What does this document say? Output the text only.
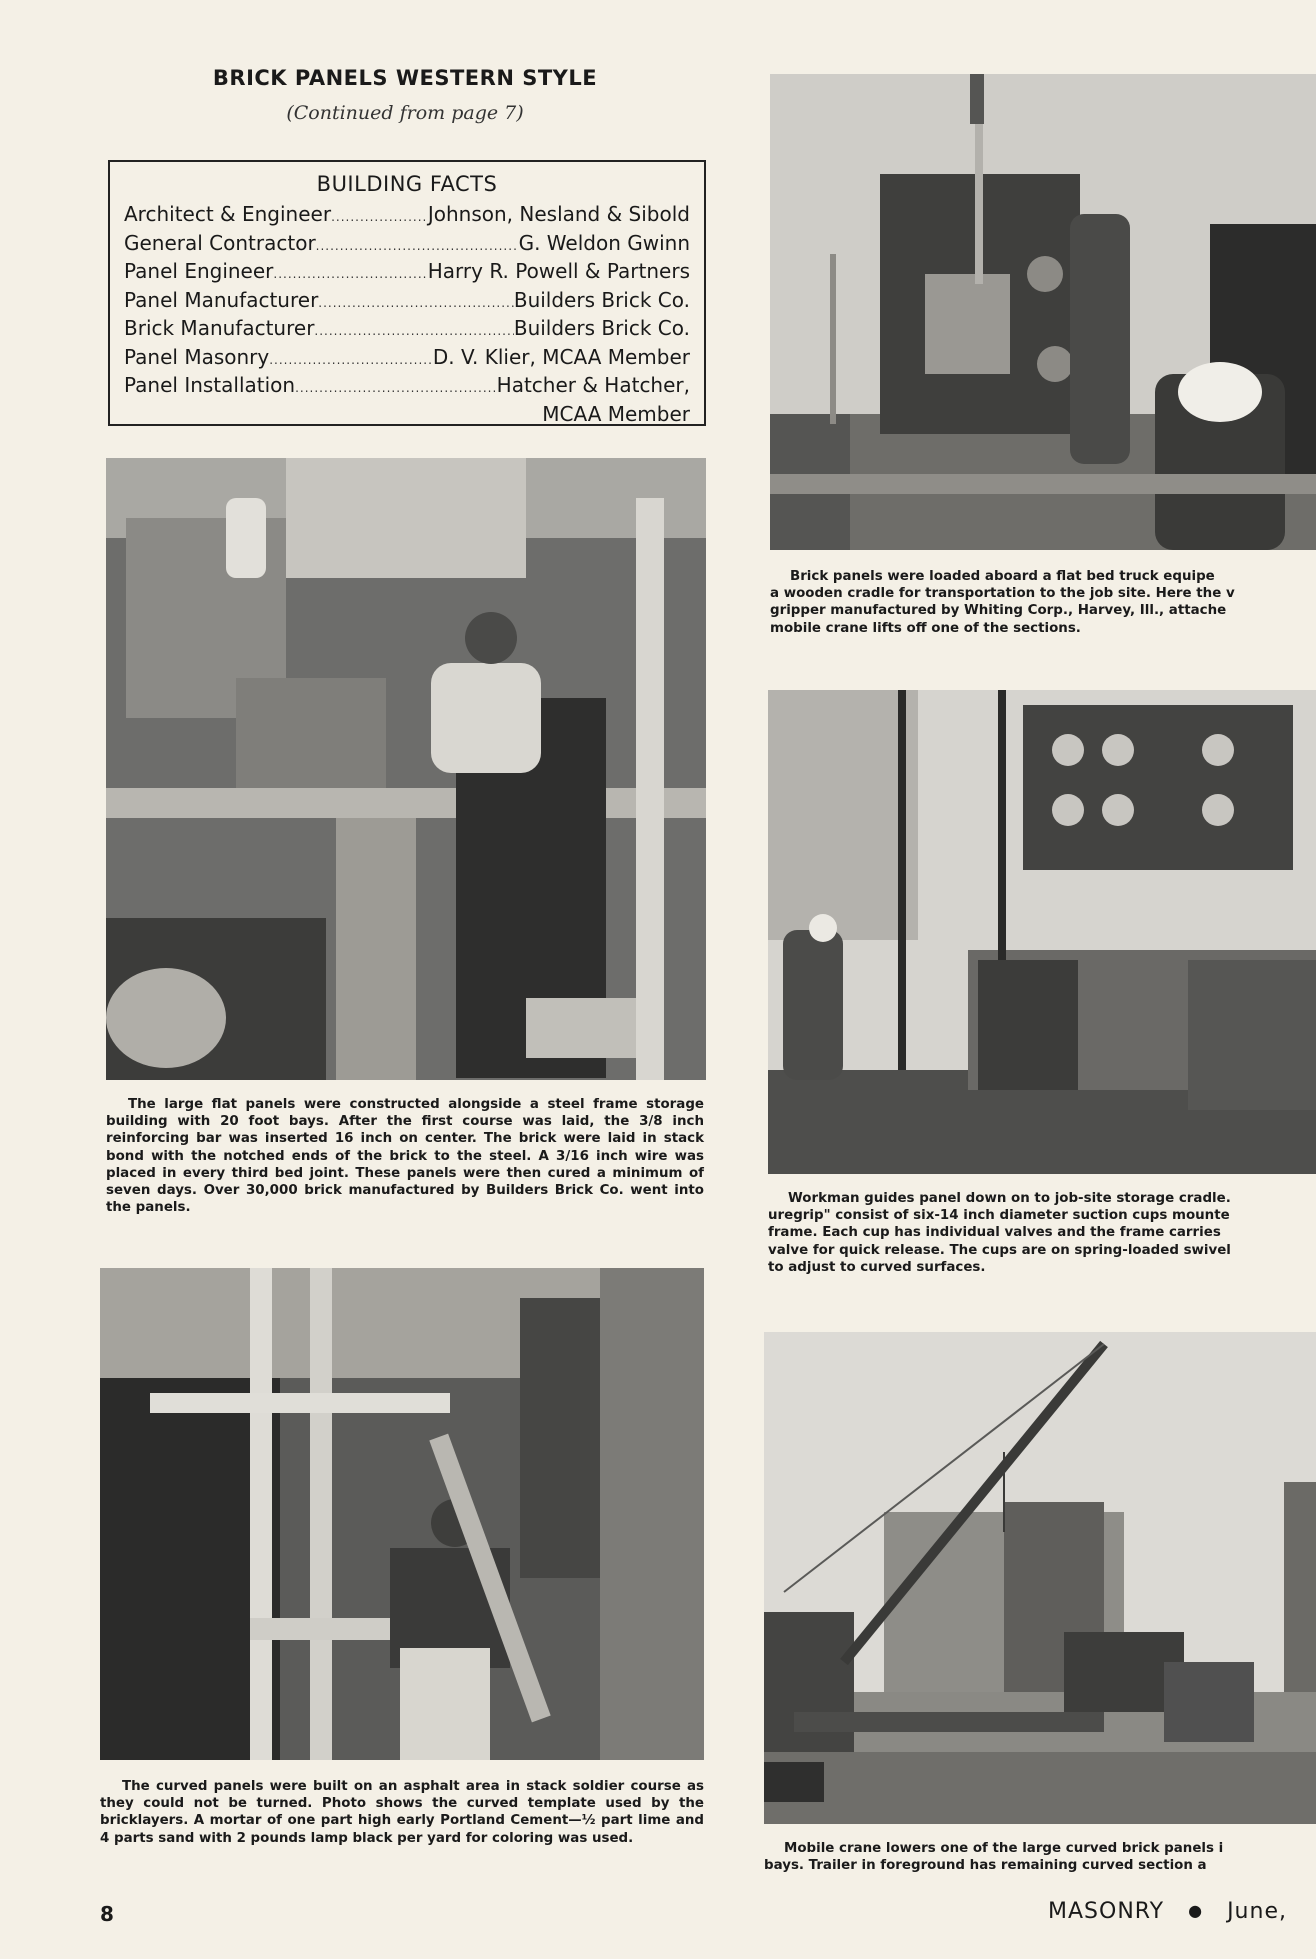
BRICK PANELS WESTERN STYLE
(Continued from page 7)
BUILDING FACTS
Architect & Engineer .....	Johnson, Nesland & Sibold
General Contractor .....	G. Weldon Gwinn
Panel Engineer .....	Harry R. Powell & Partners
Panel Manufacturer .....	Builders Brick Co.
Brick Manufacturer .....	Builders Brick Co.
Panel Masonry .....	D. V. Klier, MCAA Member
Panel Installation .....	Hatcher & Hatcher,
MCAA Member
The large flat panels were constructed alongside a steel frame storage building with 20 foot bays. After the first course was laid, the 3/8 inch reinforcing bar was inserted 16 inch on center. The brick were laid in stack bond with the notched ends of the brick to the steel. A 3/16 inch wire was placed in every third bed joint. These panels were then cured a minimum of seven days. Over 30,000 brick manufactured by Builders Brick Co. went into the panels.
The curved panels were built on an asphalt area in stack soldier course as they could not be turned. Photo shows the curved template used by the bricklayers. A mortar of one part high early Portland Cement—½ part lime and 4 parts sand with 2 pounds lamp black per yard for coloring was used.
Brick panels were loaded aboard a flat bed truck equipe
a wooden cradle for transportation to the job site. Here the v
gripper manufactured by Whiting Corp., Harvey, Ill., attache
mobile crane lifts off one of the sections.
Workman guides panel down on to job-site storage cradle.
uregrip" consist of six-14 inch diameter suction cups mounte
frame. Each cup has individual valves and the frame carries
valve for quick release. The cups are on spring-loaded swivel
to adjust to curved surfaces.
Mobile crane lowers one of the large curved brick panels i
bays. Trailer in foreground has remaining curved section a
8	MASONRY ● June,
